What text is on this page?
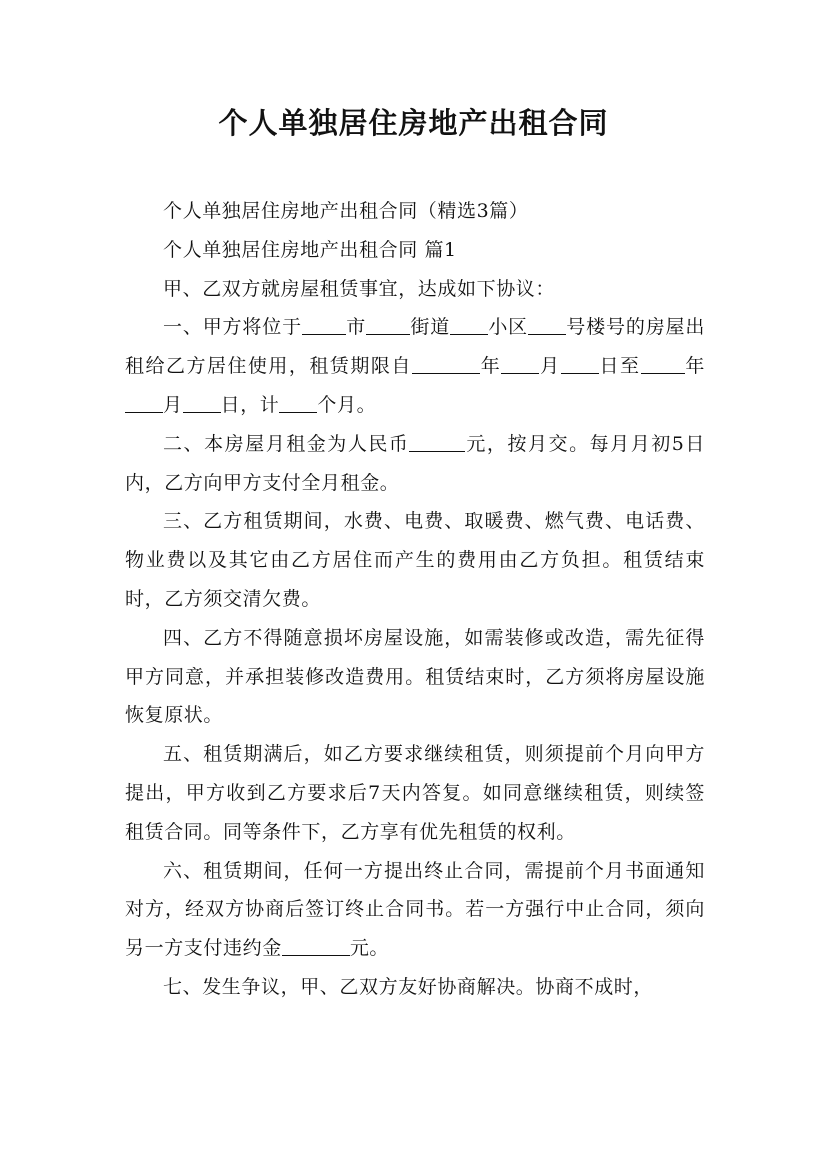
个人单独居住房地产出租合同

个人单独居住房地产出租合同（精选3篇）

个人单独居住房地产出租合同 篇1

甲、乙双方就房屋租赁事宜，达成如下协议：

一、甲方将位于 市 街道 小区 号楼号的房屋出租给乙方居住使用，租赁期限自	年 月 日至 年月 日，计 个月。

二、本房屋月租金为人民币	元，按月交。每月月初5日内，乙方向甲方支付全月租金。

三、乙方租赁期间，水费、电费、取暖费、燃气费、电话费、物业费以及其它由乙方居住而产生的费用由乙方负担。租赁结束时，乙方须交清欠费。

四、乙方不得随意损坏房屋设施，如需装修或改造，需先征得甲方同意，并承担装修改造费用。租赁结束时，乙方须将房屋设施恢复原状。

五、租赁期满后，如乙方要求继续租赁，则须提前个月向甲方提出，甲方收到乙方要求后7天内答复。如同意继续租赁，则续签租赁合同。同等条件下，乙方享有优先租赁的权利。

六、租赁期间，任何一方提出终止合同，需提前个月书面通知对方，经双方协商后签订终止合同书。若一方强行中止合同，须向另一方支付违约金	元。

七、发生争议，甲、乙双方友好协商解决。协商不成时，
